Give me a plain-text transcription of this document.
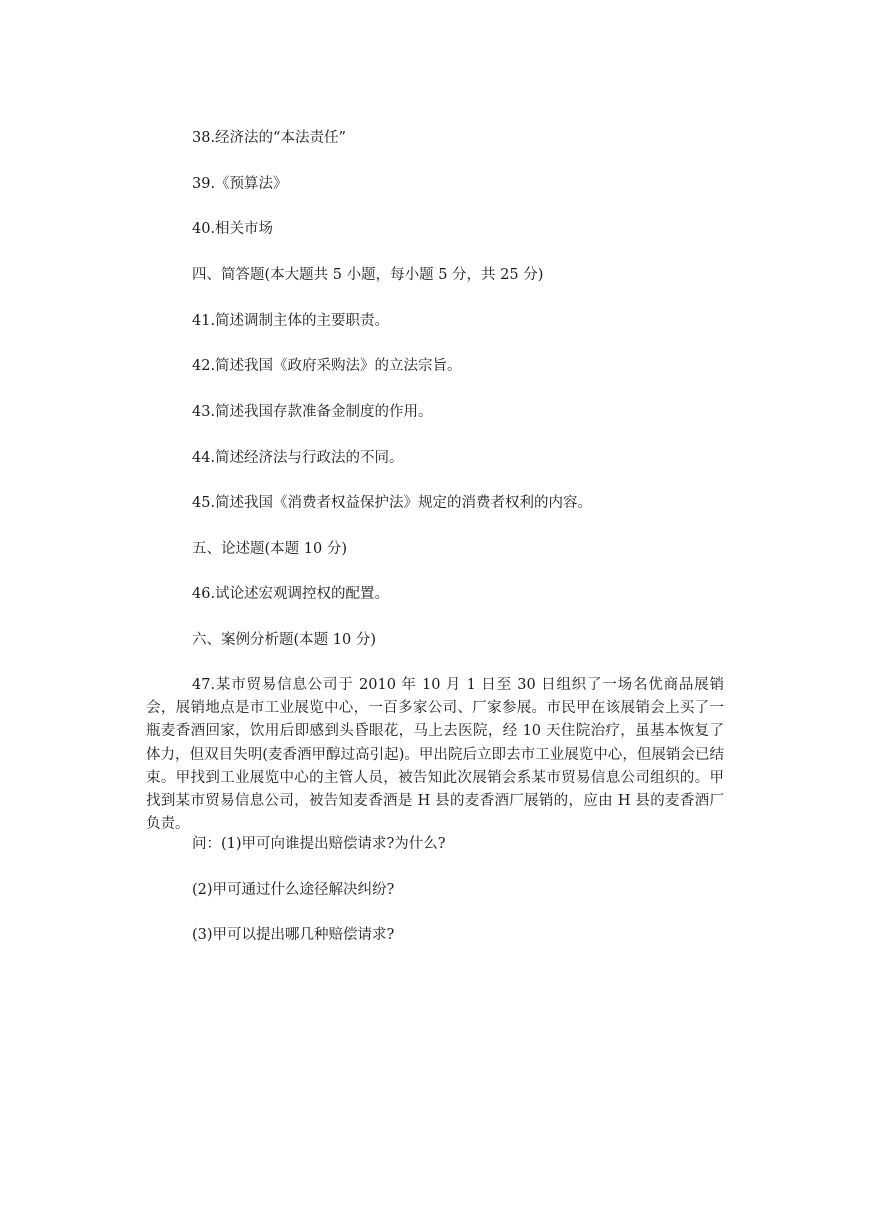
38.经济法的“本法责任”
39.《预算法》
40.相关市场
四、简答题(本大题共 5 小题，每小题 5 分，共 25 分)
41.简述调制主体的主要职责。
42.简述我国《政府采购法》的立法宗旨。
43.简述我国存款准备金制度的作用。
44.简述经济法与行政法的不同。
45.简述我国《消费者权益保护法》规定的消费者权利的内容。
五、论述题(本题 10 分)
46.试论述宏观调控权的配置。
六、案例分析题(本题 10 分)
47.某市贸易信息公司于 2010 年 10 月 1 日至 30 日组织了一场名优商品展销会，展销地点是市工业展览中心，一百多家公司、厂家参展。市民甲在该展销会上买了一瓶麦香酒回家，饮用后即感到头昏眼花，马上去医院，经 10 天住院治疗，虽基本恢复了体力，但双目失明(麦香酒甲醇过高引起)。甲出院后立即去市工业展览中心，但展销会已结束。甲找到工业展览中心的主管人员，被告知此次展销会系某市贸易信息公司组织的。甲找到某市贸易信息公司，被告知麦香酒是 H 县的麦香酒厂展销的，应由 H 县的麦香酒厂负责。
问：(1)甲可向谁提出赔偿请求?为什么?
(2)甲可通过什么途径解决纠纷?
(3)甲可以提出哪几种赔偿请求?
